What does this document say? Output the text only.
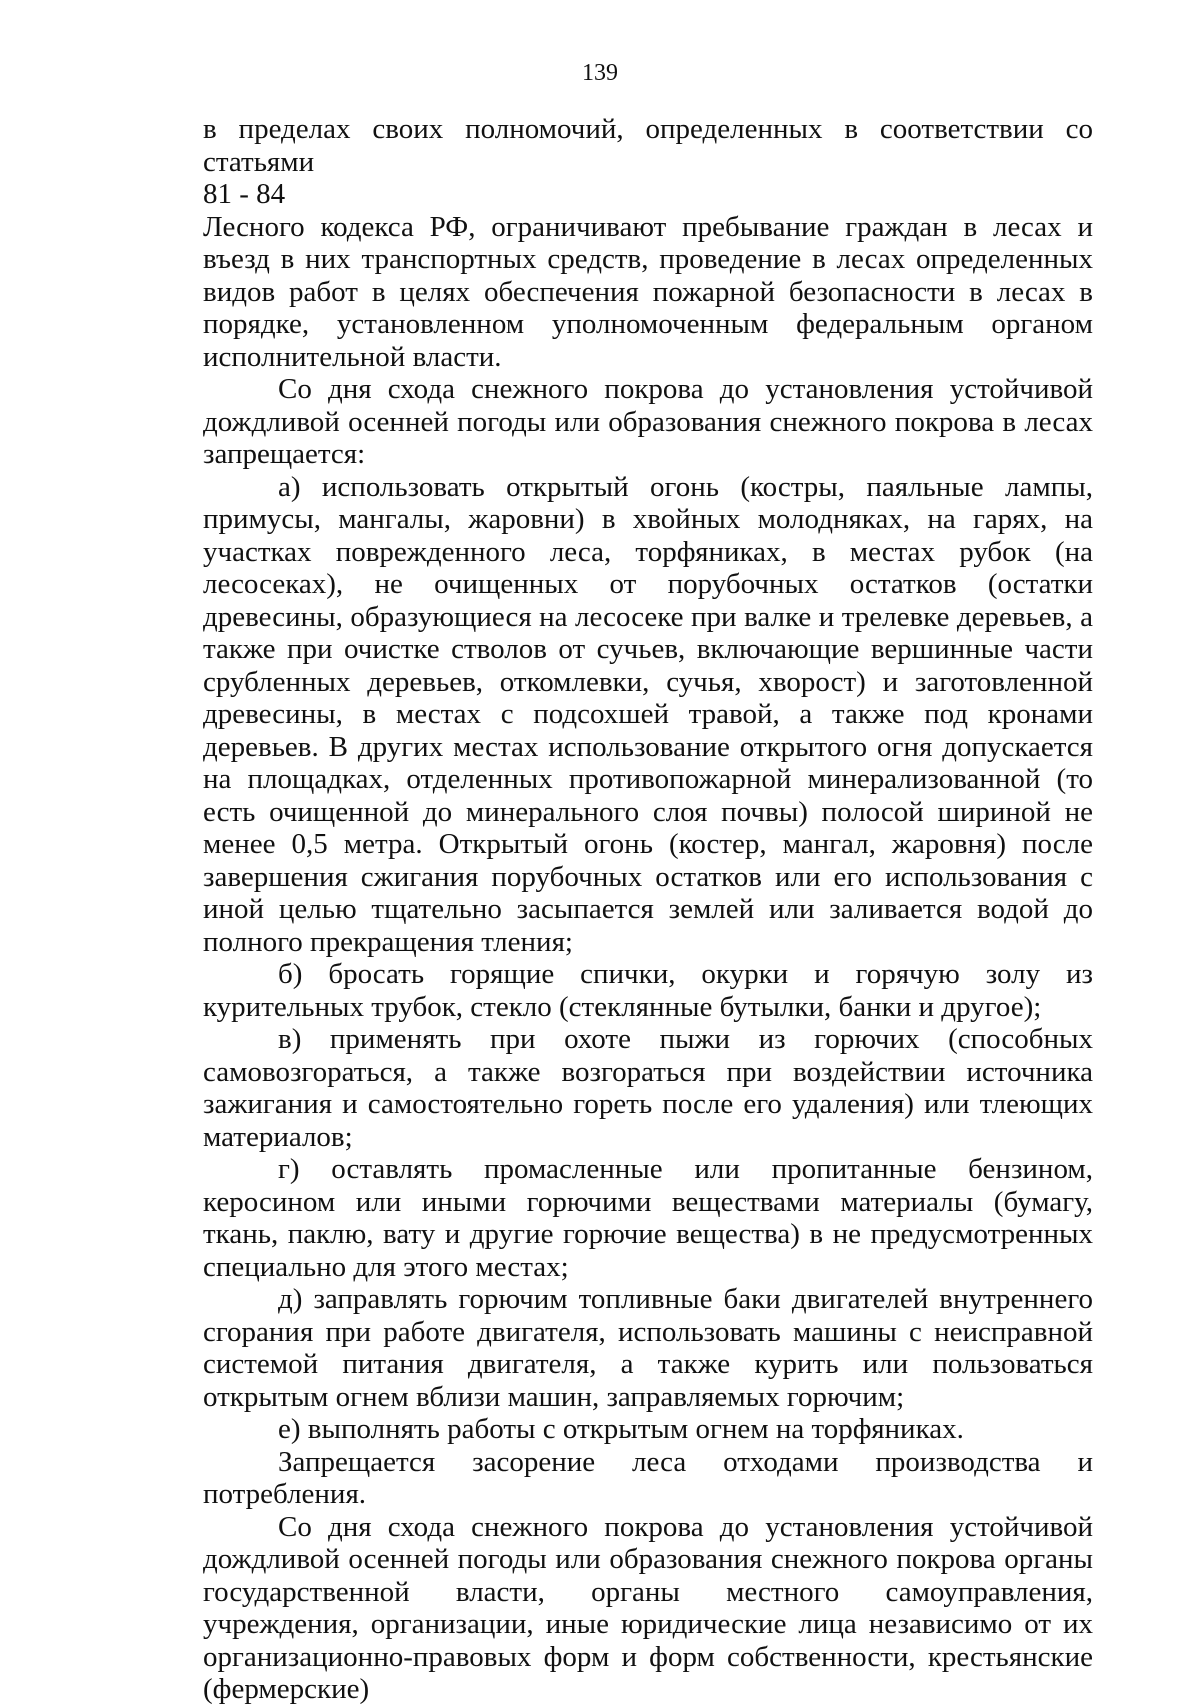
139

в пределах своих полномочий, определенных в соответствии со статьями
81 - 84

Лесного кодекса РФ, ограничивают пребывание граждан в лесах и въезд в них транспортных средств, проведение в лесах определенных видов работ в целях обеспечения пожарной безопасности в лесах в порядке, установленном уполномоченным федеральным органом исполнительной власти.

Со дня схода снежного покрова до установления устойчивой дождливой осенней погоды или образования снежного покрова в лесах запрещается:

а) использовать открытый огонь (костры, паяльные лампы, примусы, мангалы, жаровни) в хвойных молодняках, на гарях, на участках поврежденного леса, торфяниках, в местах рубок (на лесосеках), не очищенных от порубочных остатков (остатки древесины, образующиеся на лесосеке при валке и трелевке деревьев, а также при очистке стволов от сучьев, включающие вершинные части срубленных деревьев, откомлевки, сучья, хворост) и заготовленной древесины, в местах с подсохшей травой, а также под кронами деревьев. В других местах использование открытого огня допускается на площадках, отделенных противопожарной минерализованной (то есть очищенной до минерального слоя почвы) полосой шириной не менее 0,5 метра. Открытый огонь (костер, мангал, жаровня) после завершения сжигания порубочных остатков или его использования с иной целью тщательно засыпается землей или заливается водой до полного прекращения тления;

б) бросать горящие спички, окурки и горячую золу из курительных трубок, стекло (стеклянные бутылки, банки и другое);

в) применять при охоте пыжи из горючих (способных самовозгораться, а также возгораться при воздействии источника зажигания и самостоятельно гореть после его удаления) или тлеющих материалов;

г) оставлять промасленные или пропитанные бензином, керосином или иными горючими веществами материалы (бумагу, ткань, паклю, вату и другие горючие вещества) в не предусмотренных специально для этого местах;

д) заправлять горючим топливные баки двигателей внутреннего сгорания при работе двигателя, использовать машины с неисправной системой питания двигателя, а также курить или пользоваться открытым огнем вблизи машин, заправляемых горючим;

е) выполнять работы с открытым огнем на торфяниках.

Запрещается засорение леса отходами производства и потребления.

Со дня схода снежного покрова до установления устойчивой дождливой осенней погоды или образования снежного покрова органы государственной власти, органы местного самоуправления, учреждения, организации, иные юридические лица независимо от их организационно-правовых форм и форм собственности, крестьянские (фермерские)
